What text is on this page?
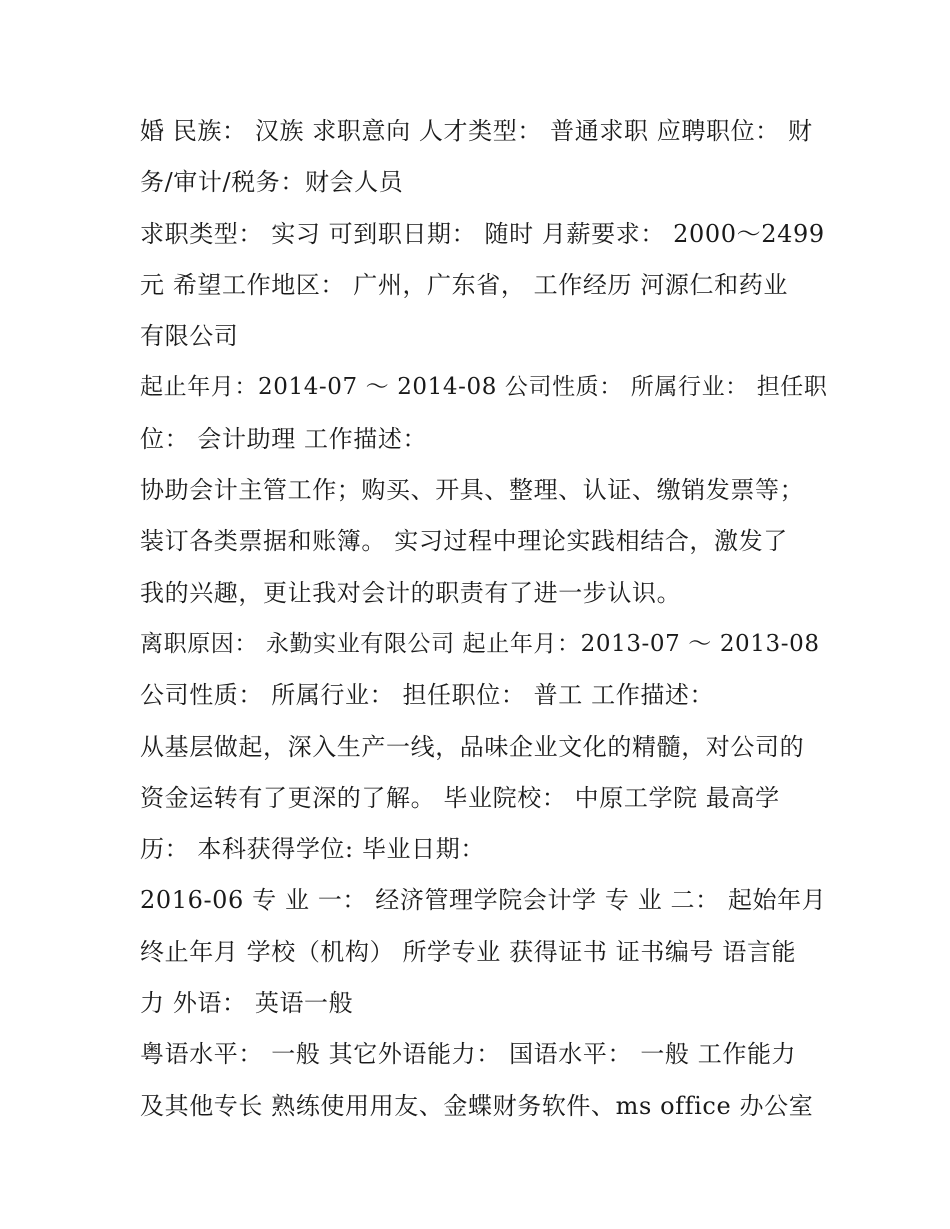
婚 民族： 汉族 求职意向 人才类型： 普通求职 应聘职位： 财

务/审计/税务：财会人员

求职类型： 实习 可到职日期： 随时 月薪要求： 2000～2499

元 希望工作地区： 广州，广东省， 工作经历 河源仁和药业

有限公司

起止年月：2014-07 ～ 2014-08 公司性质： 所属行业： 担任职

位： 会计助理 工作描述：

协助会计主管工作；购买、开具、整理、认证、缴销发票等；

装订各类票据和账簿。 实习过程中理论实践相结合，激发了

我的兴趣，更让我对会计的职责有了进一步认识。

离职原因： 永勤实业有限公司 起止年月：2013-07 ～ 2013-08

公司性质： 所属行业： 担任职位： 普工 工作描述：

从基层做起，深入生产一线，品味企业文化的精髓，对公司的

资金运转有了更深的了解。 毕业院校： 中原工学院 最高学

历： 本科获得学位: 毕业日期：

2016-06 专 业 一： 经济管理学院会计学 专 业 二： 起始年月

终止年月 学校（机构） 所学专业 获得证书 证书编号 语言能

力 外语： 英语一般

粤语水平： 一般 其它外语能力： 国语水平： 一般 工作能力

及其他专长 熟练使用用友、金蝶财务软件、ms office 办公室
